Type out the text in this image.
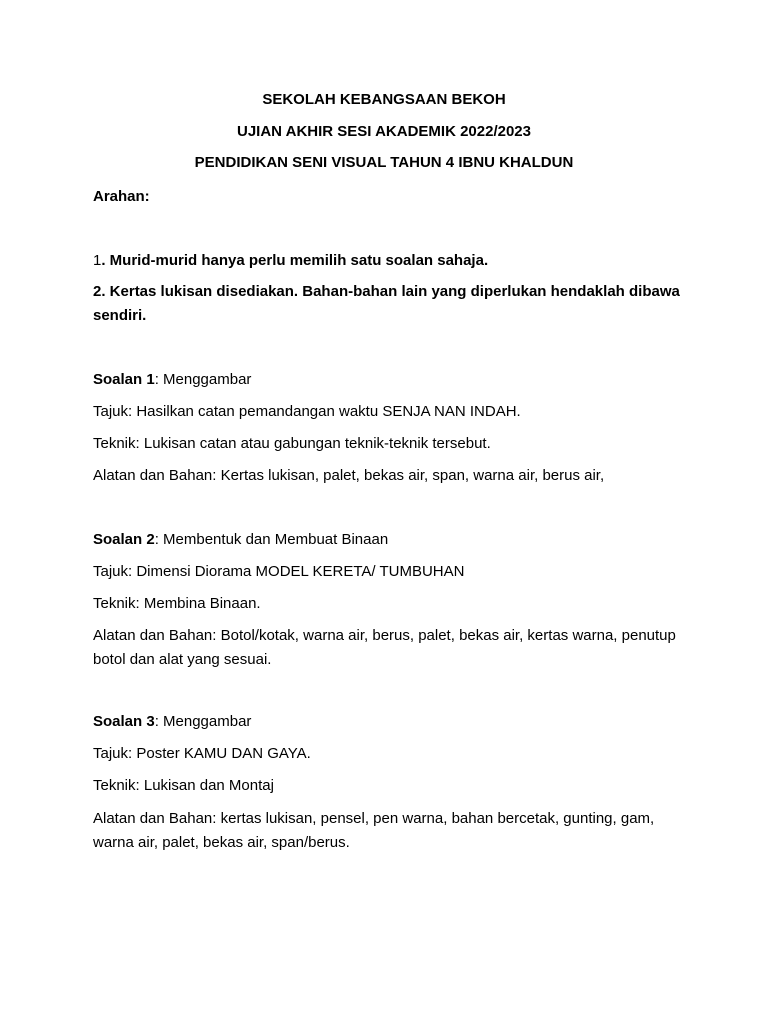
SEKOLAH KEBANGSAAN BEKOH
UJIAN AKHIR SESI AKADEMIK 2022/2023
PENDIDIKAN SENI VISUAL TAHUN 4 IBNU KHALDUN
Arahan:
1. Murid-murid hanya perlu memilih satu soalan sahaja.
2. Kertas lukisan disediakan. Bahan-bahan lain yang diperlukan hendaklah dibawa sendiri.
Soalan 1: Menggambar
Tajuk: Hasilkan catan pemandangan waktu SENJA NAN INDAH.
Teknik: Lukisan catan atau gabungan teknik-teknik tersebut.
Alatan dan Bahan: Kertas lukisan, palet, bekas air, span, warna air, berus air,
Soalan 2: Membentuk dan Membuat Binaan
Tajuk: Dimensi Diorama MODEL KERETA/ TUMBUHAN
Teknik: Membina Binaan.
Alatan dan Bahan: Botol/kotak, warna air, berus, palet, bekas air, kertas warna, penutup botol dan alat yang sesuai.
Soalan 3: Menggambar
Tajuk: Poster KAMU DAN GAYA.
Teknik: Lukisan dan Montaj
Alatan dan Bahan: kertas lukisan, pensel, pen warna, bahan bercetak, gunting, gam, warna air, palet, bekas air, span/berus.
